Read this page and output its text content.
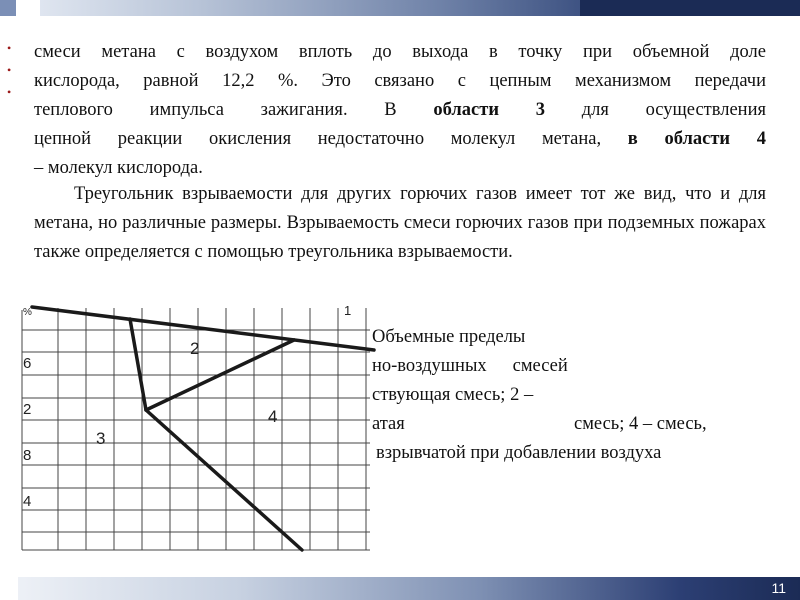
•
•
•
смеси метана с воздухом вплоть до выхода в точку при объемной доле
кислорода, равной 12,2 %. Это связано с цепным механизмом передачи
теплового импульса зажигания. В области 3 для осуществления
цепной реакции окисления недостаточно молекул метана, в области 4
– молекул кислорода.
Треугольник взрываемости для других горючих газов имеет тот же вид, что и для метана, но различные размеры. Взрываемость смеси горючих газов при подземных пожарах также определяется с помощью треугольника взрываемости.
%
6
2
8
4
1
2
3
4
Объемные пределы
но-воздушных смесей
ствующая смесь; 2 –
атая	смесь; 4 – смесь,
взрывчатой при добавлении воздуха
11
